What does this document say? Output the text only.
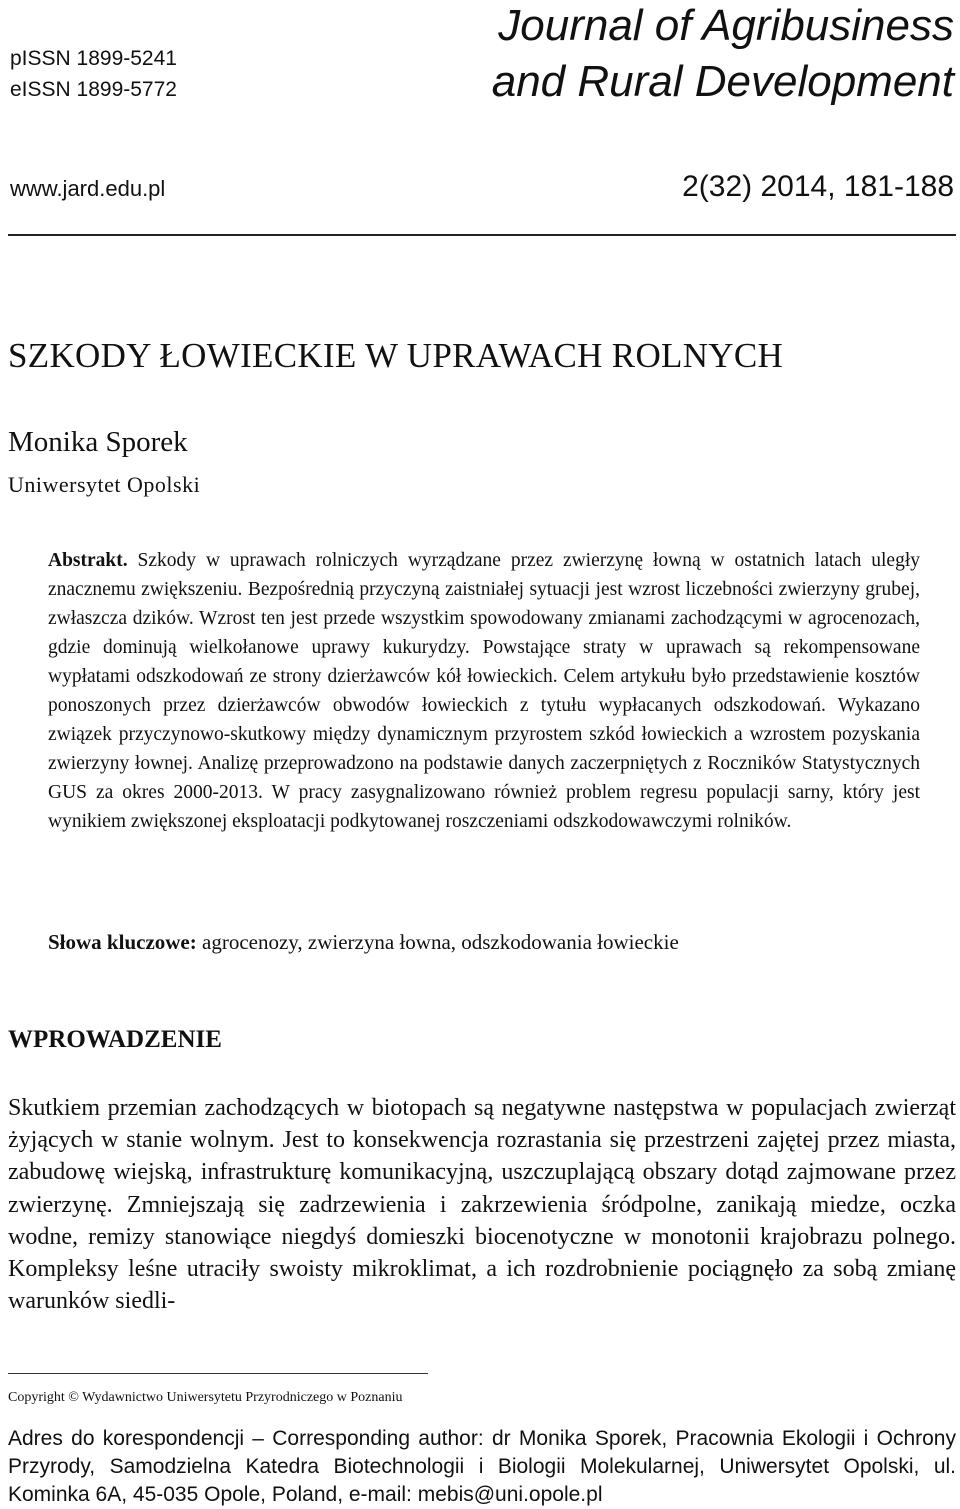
pISSN 1899-5241
eISSN 1899-5772
Journal of Agribusiness
and Rural Development
www.jard.edu.pl	2(32) 2014, 181-188
SZKODY ŁOWIECKIE W UPRAWACH ROLNYCH
Monika Sporek
Uniwersytet Opolski
Abstrakt. Szkody w uprawach rolniczych wyrządzane przez zwierzynę łowną w ostatnich latach uległy znacznemu zwiększeniu. Bezpośrednią przyczyną zaistniałej sytuacji jest wzrost liczebności zwierzyny grubej, zwłaszcza dzików. Wzrost ten jest przede wszystkim spowodowany zmianami zachodzącymi w agrocenozach, gdzie dominują wielkołanowe uprawy kukurydzy. Powstające straty w uprawach są rekompensowane wypłatami odszkodowań ze strony dzierżawców kół łowieckich. Celem artykułu było przedstawienie kosztów ponoszonych przez dzierżawców obwodów łowieckich z tytułu wypłacanych odszkodowań. Wykazano związek przyczynowo-skutkowy między dynamicznym przyrostem szkód łowieckich a wzrostem pozyskania zwierzyny łownej. Analizę przeprowadzono na podstawie danych zaczerpniętych z Roczników Statystycznych GUS za okres 2000-2013. W pracy zasygnalizowano również problem regresu populacji sarny, który jest wynikiem zwiększonej eksploatacji podkytowanej roszczeniami odszkodowawczymi rolników.
Słowa kluczowe: agrocenozy, zwierzyna łowna, odszkodowania łowieckie
WPROWADZENIE
Skutkiem przemian zachodzących w biotopach są negatywne następstwa w populacjach zwierząt żyjących w stanie wolnym. Jest to konsekwencja rozrastania się przestrzeni zajętej przez miasta, zabudowę wiejską, infrastrukturę komunikacyjną, uszczuplającą obszary dotąd zajmowane przez zwierzynę. Zmniejszają się zadrzewienia i zakrzewienia śródpolne, zanikają miedze, oczka wodne, remizy stanowiące niegdyś domieszki biocenotyczne w monotonii krajobrazu polnego. Kompleksy leśne utraciły swoisty mikroklimat, a ich rozdrobnienie pociągnęło za sobą zmianę warunków siedli-
Copyright © Wydawnictwo Uniwersytetu Przyrodniczego w Poznaniu
Adres do korespondencji – Corresponding author: dr Monika Sporek, Pracownia Ekologii i Ochrony Przyrody, Samodzielna Katedra Biotechnologii i Biologii Molekularnej, Uniwersytet Opolski, ul. Kominka 6A, 45-035 Opole, Poland, e-mail: mebis@uni.opole.pl
